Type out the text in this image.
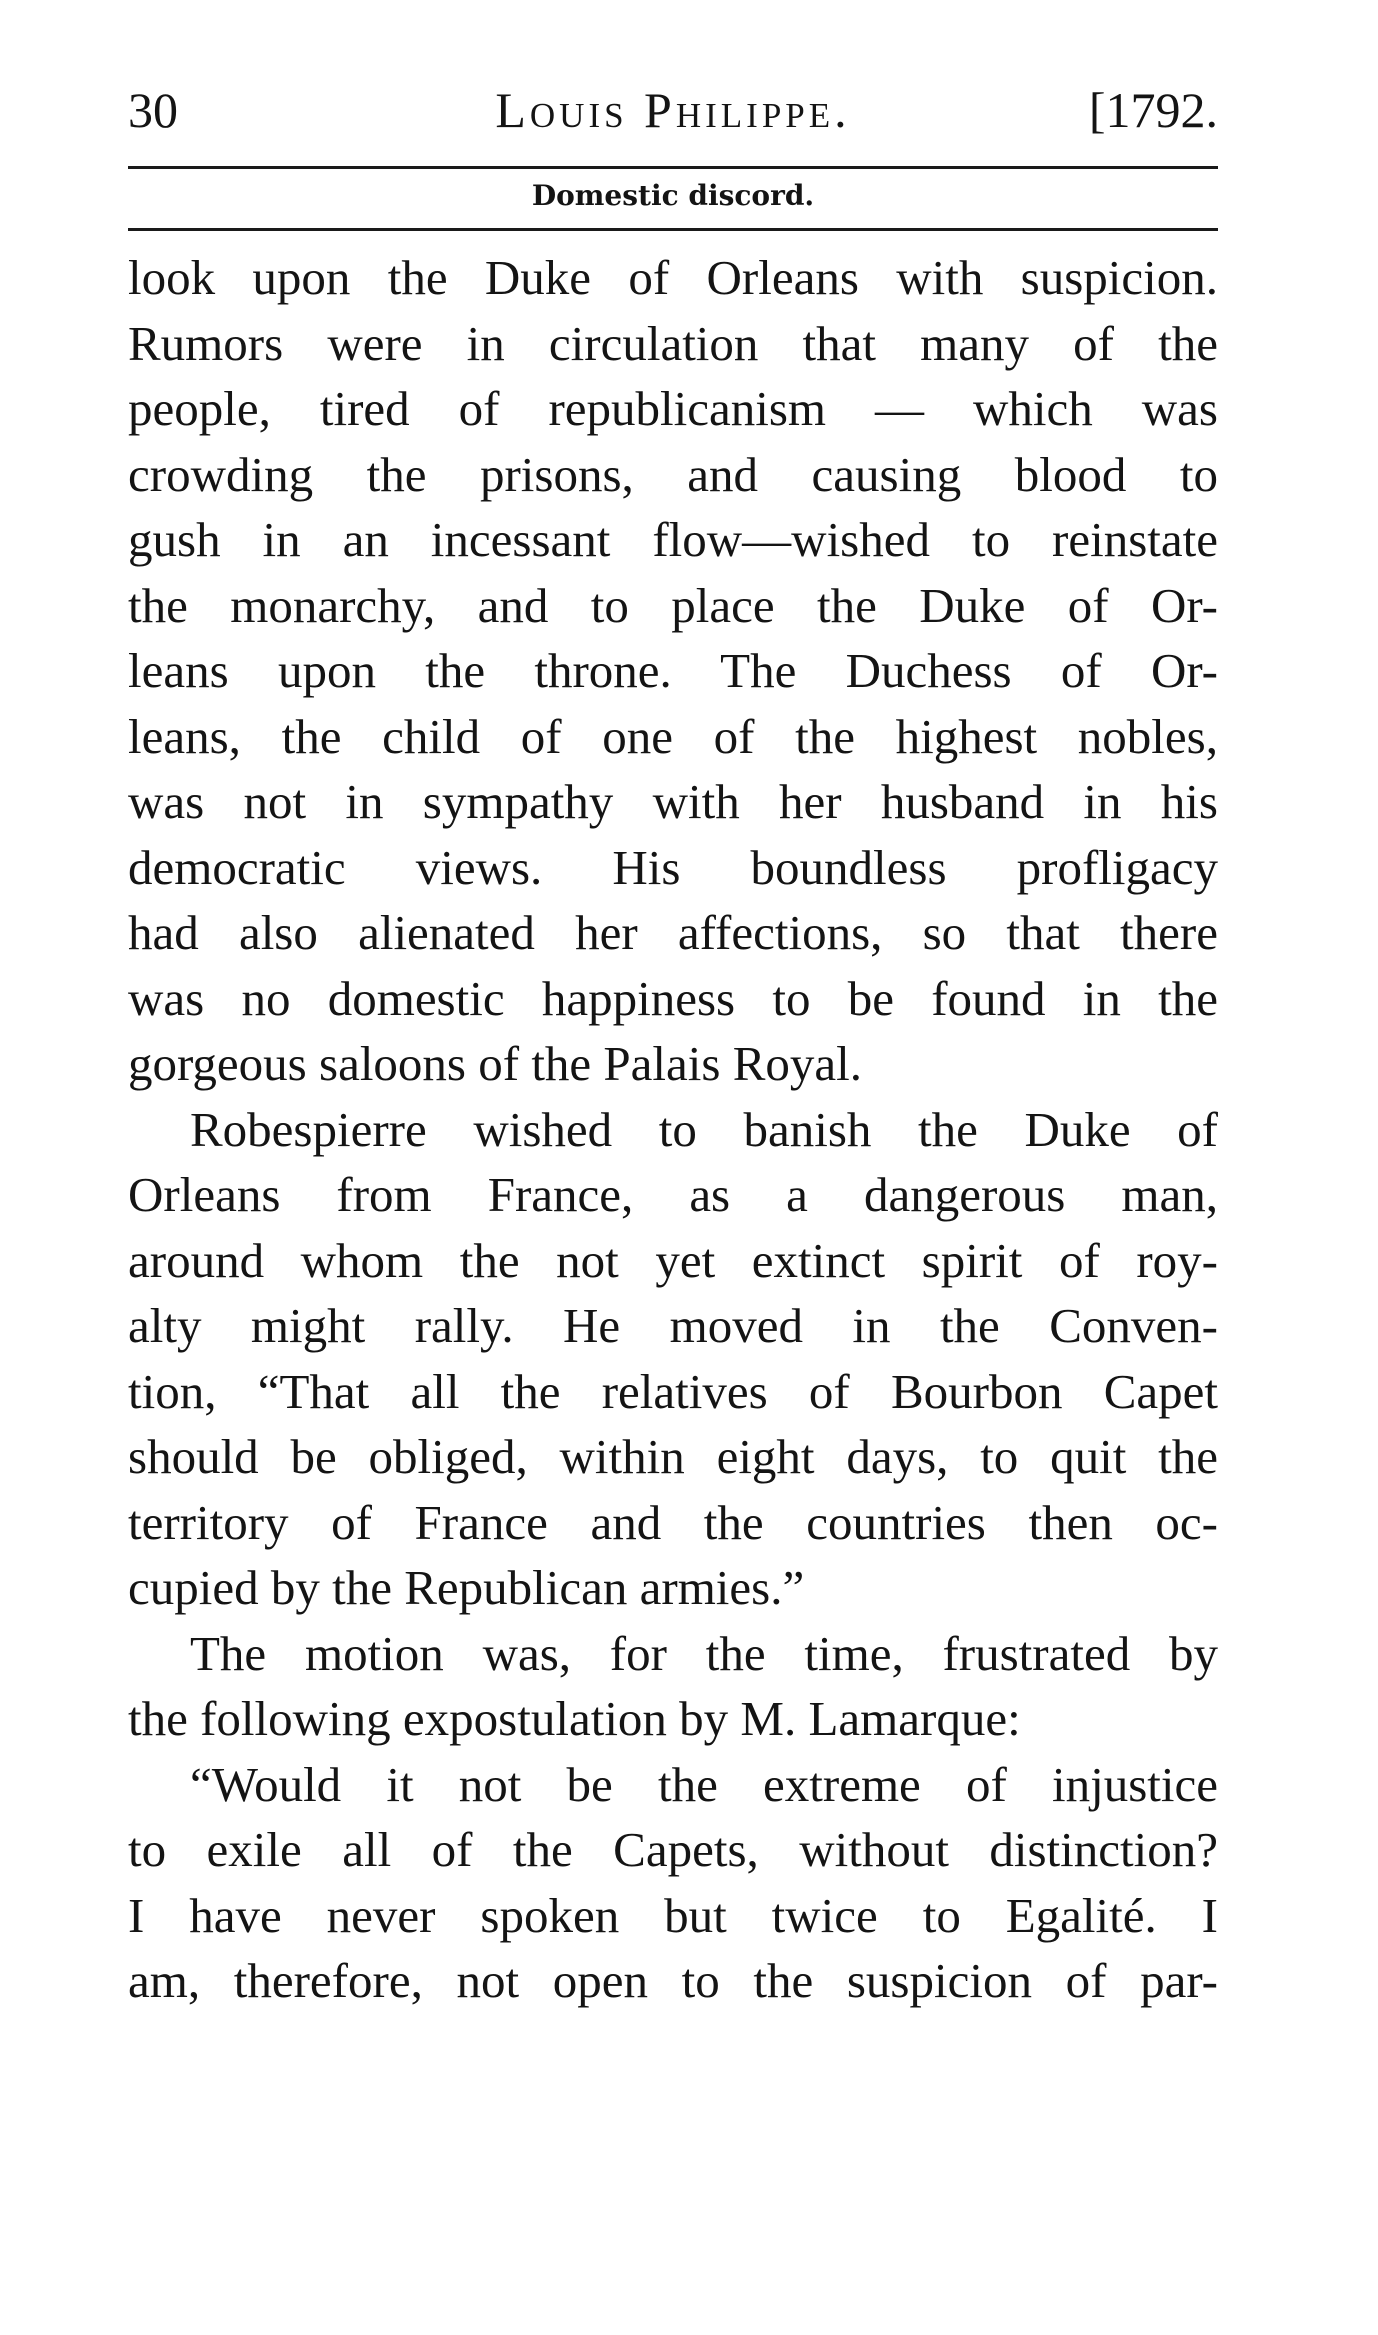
30	Louis Philippe.	[1792.
Domestic discord.
look upon the Duke of Orleans with suspicion.
Rumors were in circulation that many of the
people, tired of republicanism — which was
crowding the prisons, and causing blood to
gush in an incessant flow—wished to reinstate
the monarchy, and to place the Duke of Or-
leans upon the throne. The Duchess of Or-
leans, the child of one of the highest nobles,
was not in sympathy with her husband in his
democratic views. His boundless profligacy
had also alienated her affections, so that there
was no domestic happiness to be found in the
gorgeous saloons of the Palais Royal.
Robespierre wished to banish the Duke of
Orleans from France, as a dangerous man,
around whom the not yet extinct spirit of roy-
alty might rally. He moved in the Conven-
tion, “That all the relatives of Bourbon Capet
should be obliged, within eight days, to quit the
territory of France and the countries then oc-
cupied by the Republican armies.”
The motion was, for the time, frustrated by
the following expostulation by M. Lamarque:
“Would it not be the extreme of injustice
to exile all of the Capets, without distinction?
I have never spoken but twice to Egalité. I
am, therefore, not open to the suspicion of par-
